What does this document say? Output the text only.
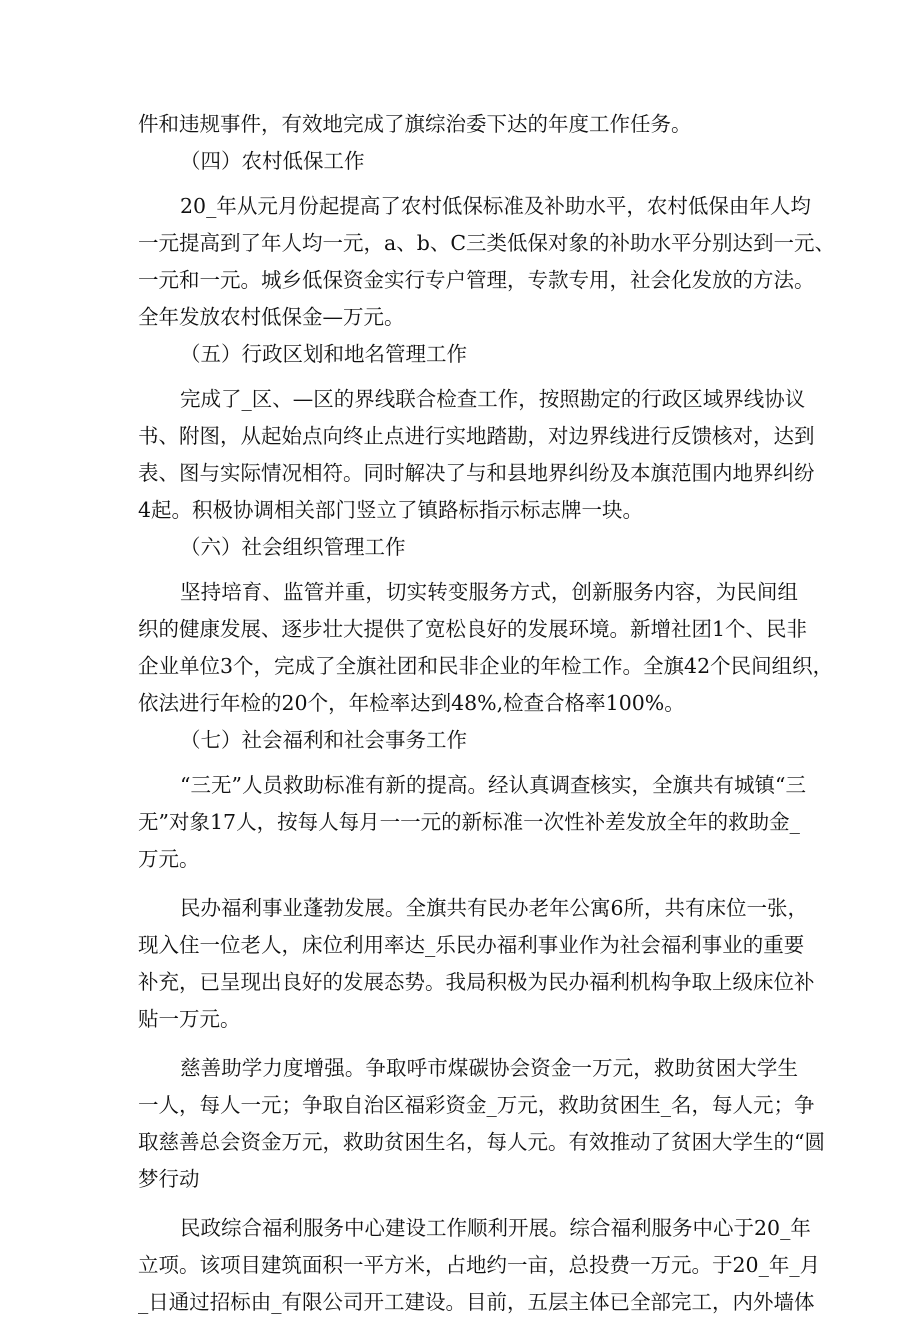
件和违规事件，有效地完成了旗综治委下达的年度工作任务。
（四）农村低保工作
20_年从元月份起提高了农村低保标准及补助水平，农村低保由年人均
一元提高到了年人均一元，a、b、C三类低保对象的补助水平分别达到一元、
一元和一元。城乡低保资金实行专户管理，专款专用，社会化发放的方法。
全年发放农村低保金—万元。
（五）行政区划和地名管理工作
完成了_区、—区的界线联合检查工作，按照勘定的行政区域界线协议
书、附图，从起始点向终止点进行实地踏勘，对边界线进行反馈核对，达到
表、图与实际情况相符。同时解决了与和县地界纠纷及本旗范围内地界纠纷
4起。积极协调相关部门竖立了镇路标指示标志牌一块。
（六）社会组织管理工作
坚持培育、监管并重，切实转变服务方式，创新服务内容，为民间组
织的健康发展、逐步壮大提供了宽松良好的发展环境。新增社团1个、民非
企业单位3个，完成了全旗社团和民非企业的年检工作。全旗42个民间组织，
依法进行年检的20个，年检率达到48%,检查合格率100%。
（七）社会福利和社会事务工作
“三无”人员救助标准有新的提高。经认真调查核实，全旗共有城镇“三
无”对象17人，按每人每月一一元的新标准一次性补差发放全年的救助金_
万元。
民办福利事业蓬勃发展。全旗共有民办老年公寓6所，共有床位一张，
现入住一位老人，床位利用率达_乐民办福利事业作为社会福利事业的重要
补充，已呈现出良好的发展态势。我局积极为民办福利机构争取上级床位补
贴一万元。
慈善助学力度增强。争取呼市煤碳协会资金一万元，救助贫困大学生
一人，每人一元；争取自治区福彩资金_万元，救助贫困生_名，每人元；争
取慈善总会资金万元，救助贫困生名，每人元。有效推动了贫困大学生的“圆
梦行动
民政综合福利服务中心建设工作顺利开展。综合福利服务中心于20_年
立项。该项目建筑面积一平方米，占地约一亩，总投费一万元。于20_年_月
_日通过招标由_有限公司开工建设。目前，五层主体已全部完工，内外墙体
